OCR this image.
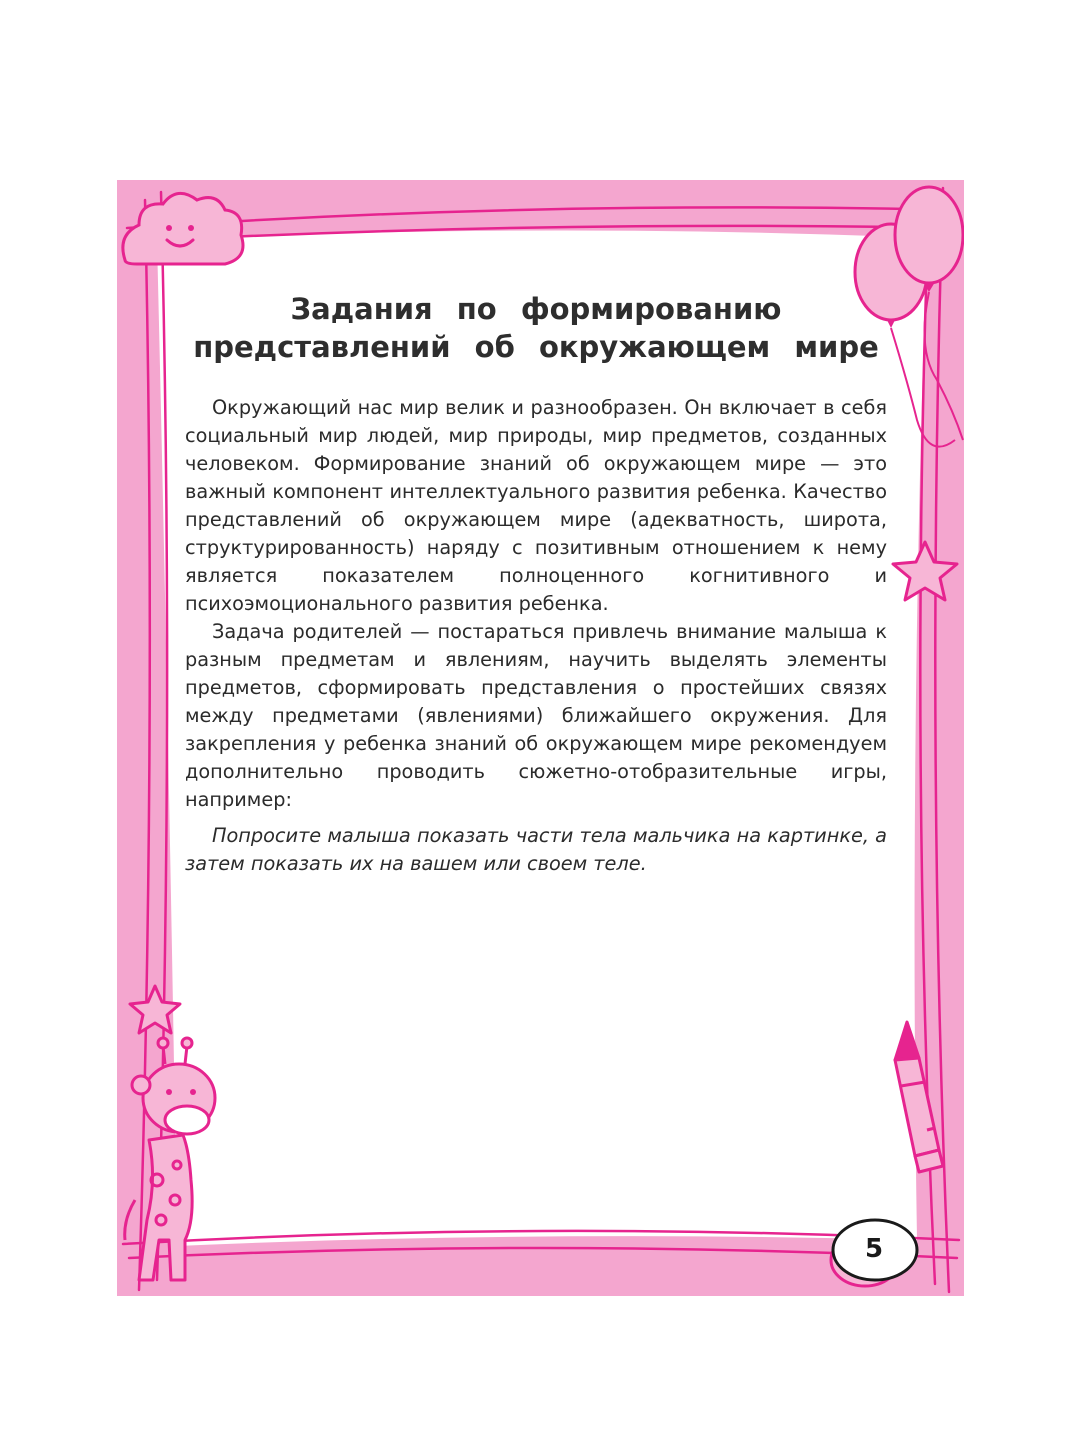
Задания по формированию
представлений об окружающем мире

Окружающий нас мир велик и разнообразен. Он включает в себя социальный мир людей, мир природы, мир предметов, созданных человеком. Формирование знаний об окружающем мире — это важный компонент интеллектуального развития ребенка. Качество представлений об окружающем мире (адекватность, широта, структурированность) наряду с позитивным отношением к нему является показателем полноценного когнитивного и психоэмоционального развития ребенка.

Задача родителей — постараться привлечь внимание малыша к разным предметам и явлениям, научить выделять элементы предметов, сформировать представления о простейших связях между предметами (явлениями) ближайшего окружения. Для закрепления у ребенка знаний об окружающем мире рекомендуем дополнительно проводить сюжетно-отобразительные игры, например:

Попросите малыша показать части тела мальчика на картинке, а затем показать их на вашем или своем теле.

5
